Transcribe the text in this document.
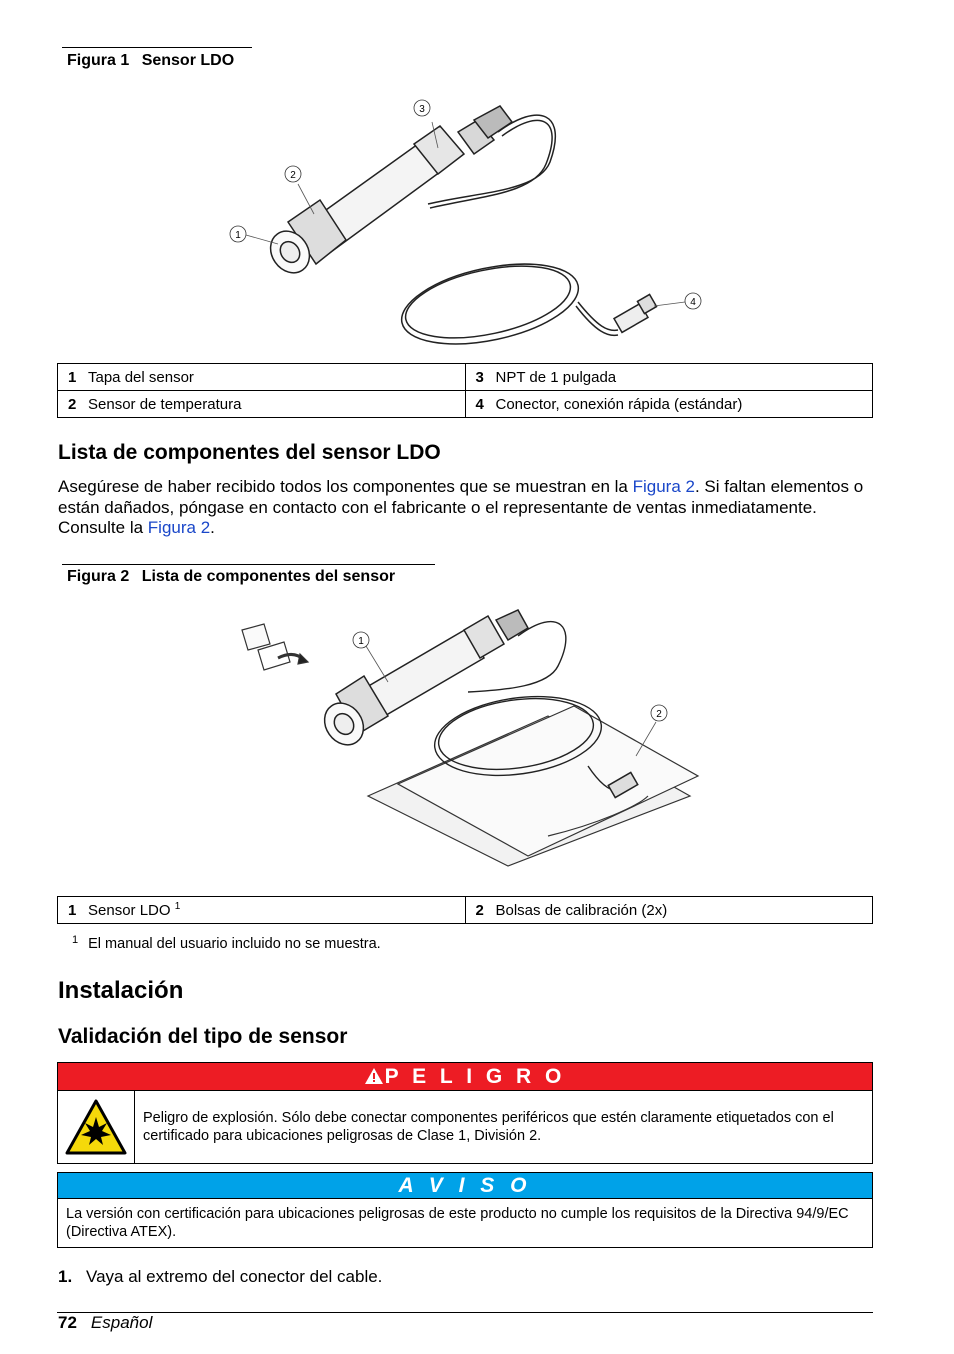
Figura 1 Sensor LDO
3
2
1
4
1 Tapa del sensor	3 NPT de 1 pulgada
2 Sensor de temperatura	4 Conector, conexión rápida (estándar)
Lista de componentes del sensor LDO

Asegúrese de haber recibido todos los componentes que se muestran en la Figura 2. Si faltan elementos o están dañados, póngase en contacto con el fabricante o el representante de ventas inmediatamente. Consulte la Figura 2.

Figura 2 Lista de componentes del sensor
1
2
1 Sensor LDO $^1$	2 Bolsas de calibración (2x)
$^1$ El manual del usuario incluido no se muestra.
Instalación
Validación del tipo de sensor
P E L I G R O
Peligro de explosión. Sólo debe conectar componentes periféricos que estén claramente etiquetados con el certificado para ubicaciones peligrosas de Clase 1, División 2.
A V I S O
La versión con certificación para ubicaciones peligrosas de este producto no cumple los requisitos de la Directiva 94/9/EC (Directiva ATEX).
1. Vaya al extremo del conector del cable.
72 Español
